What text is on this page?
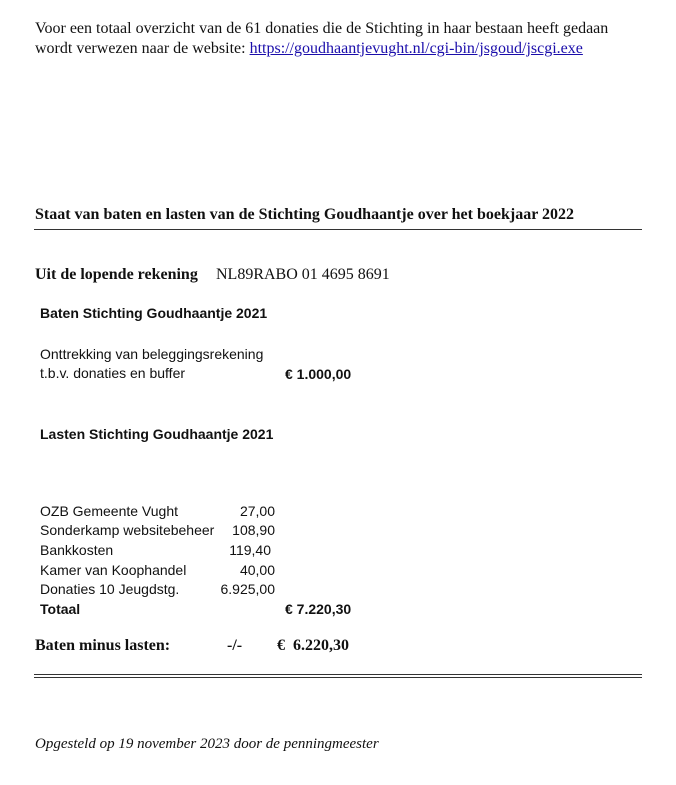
Voor een totaal overzicht van de 61 donaties die de Stichting in haar bestaan heeft gedaan wordt verwezen naar de website: https://goudhaantjevught.nl/cgi-bin/jsgoud/jscgi.exe
Staat van baten en lasten van de Stichting Goudhaantje over het boekjaar 2022
Uit de lopende rekening NL89RABO 01 4695 8691
Baten Stichting Goudhaantje 2021
Onttrekking van beleggingsrekening
t.b.v. donaties en buffer	€ 1.000,00
Lasten Stichting Goudhaantje 2021
OZB Gemeente Vught	27,00
Sonderkamp websitebeheer	108,90
Bankkosten	119,40
Kamer van Koophandel	40,00
Donaties 10 Jeugdstg.	6.925,00
Totaal	€ 7.220,30
Baten minus lasten:	-/- €  6.220,30
Opgesteld op 19 november 2023 door de penningmeester
